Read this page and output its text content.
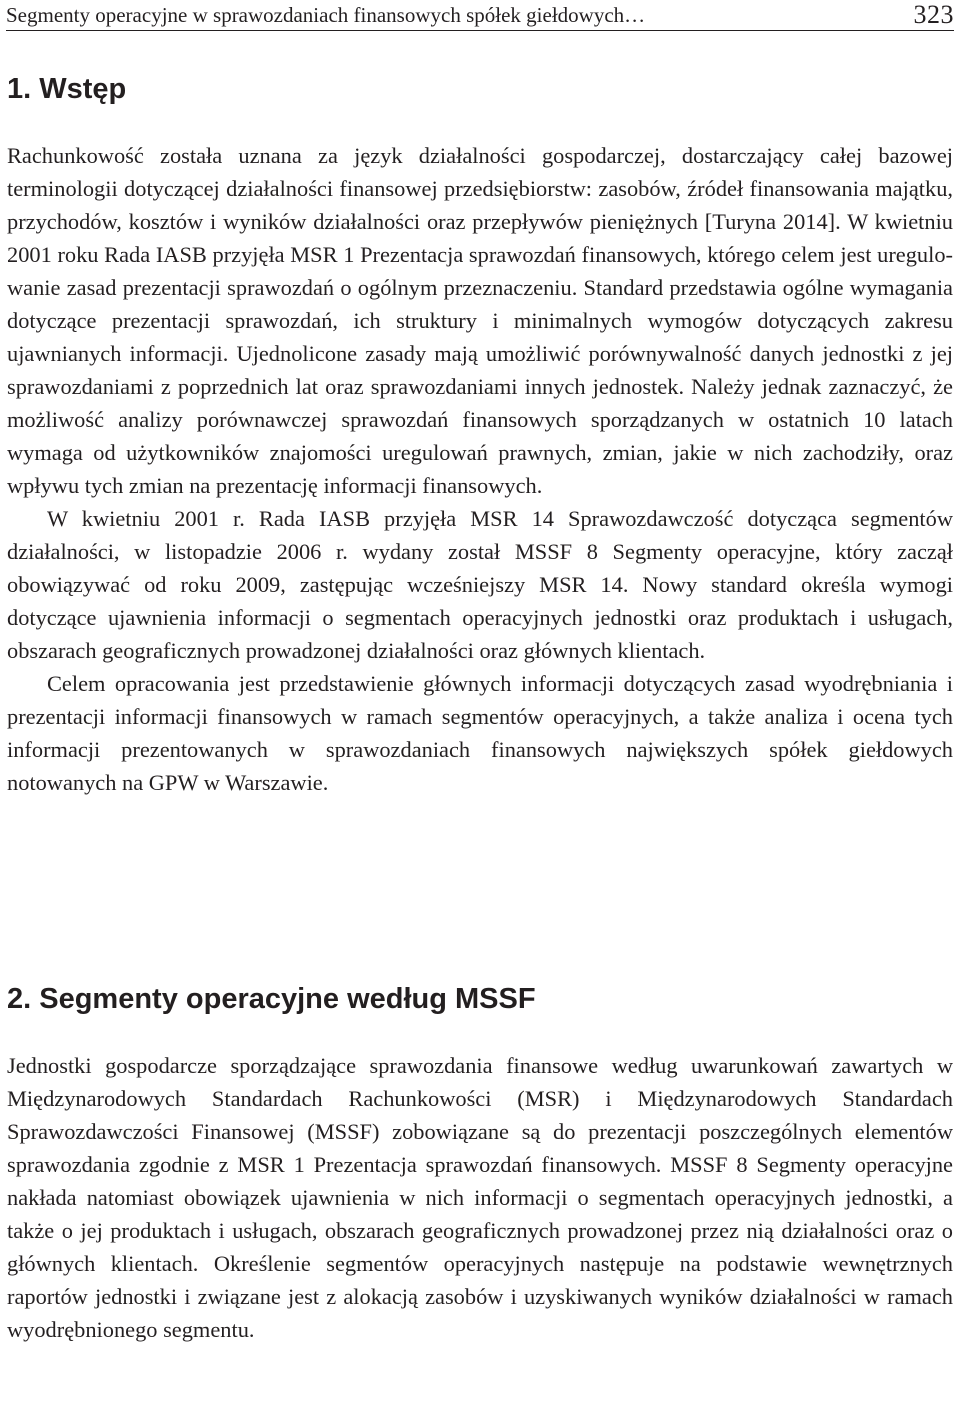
Segmenty operacyjne w sprawozdaniach finansowych spółek giełdowych…	323
1. Wstęp

Rachunkowość została uznana za język działalności gospodarczej, dostarczający całej bazowej terminologii dotyczącej działalności finansowej przedsiębiorstw: zasobów, źródeł finansowania majątku, przychodów, kosztów i wyników działalności oraz przepływów pieniężnych [Turyna 2014]. W kwietniu 2001 roku Rada IASB przyjęła MSR 1 Prezentacja sprawozdań finansowych, którego celem jest uregulowanie zasad prezentacji sprawozdań o ogólnym przeznaczeniu. Standard przedstawia ogólne wymagania dotyczące prezentacji sprawozdań, ich struktury i minimalnych wymogów dotyczących zakresu ujawnianych informacji. Ujednolicone zasady mają umożliwić porównywalność danych jednostki z jej sprawozdaniami z poprzednich lat oraz sprawozdaniami innych jednostek. Należy jednak zaznaczyć, że możliwość analizy porównawczej sprawozdań finansowych sporządzanych w ostatnich 10 latach wymaga od użytkowników znajomości uregulowań prawnych, zmian, jakie w nich zachodziły, oraz wpływu tych zmian na prezentację informacji finansowych.

W kwietniu 2001 r. Rada IASB przyjęła MSR 14 Sprawozdawczość dotycząca segmentów działalności, w listopadzie 2006 r. wydany został MSSF 8 Segmenty operacyjne, który zaczął obowiązywać od roku 2009, zastępując wcześniejszy MSR 14. Nowy standard określa wymogi dotyczące ujawnienia informacji o segmentach operacyjnych jednostki oraz produktach i usługach, obszarach geograficznych prowadzonej działalności oraz głównych klientach.

Celem opracowania jest przedstawienie głównych informacji dotyczących zasad wyodrębniania i prezentacji informacji finansowych w ramach segmentów operacyjnych, a także analiza i ocena tych informacji prezentowanych w sprawozdaniach finansowych największych spółek giełdowych notowanych na GPW w Warszawie.

2. Segmenty operacyjne według MSSF

Jednostki gospodarcze sporządzające sprawozdania finansowe według uwarunkowań zawartych w Międzynarodowych Standardach Rachunkowości (MSR) i Międzynarodowych Standardach Sprawozdawczości Finansowej (MSSF) zobowiązane są do prezentacji poszczególnych elementów sprawozdania zgodnie z MSR 1 Prezentacja sprawozdań finansowych. MSSF 8 Segmenty operacyjne nakłada natomiast obowiązek ujawnienia w nich informacji o segmentach operacyjnych jednostki, a także o jej produktach i usługach, obszarach geograficznych prowadzonej przez nią działalności oraz o głównych klientach. Określenie segmentów operacyjnych następuje na podstawie wewnętrznych raportów jednostki i związane jest z alokacją zasobów i uzyskiwanych wyników działalności w ramach wyodrębnionego segmentu.
